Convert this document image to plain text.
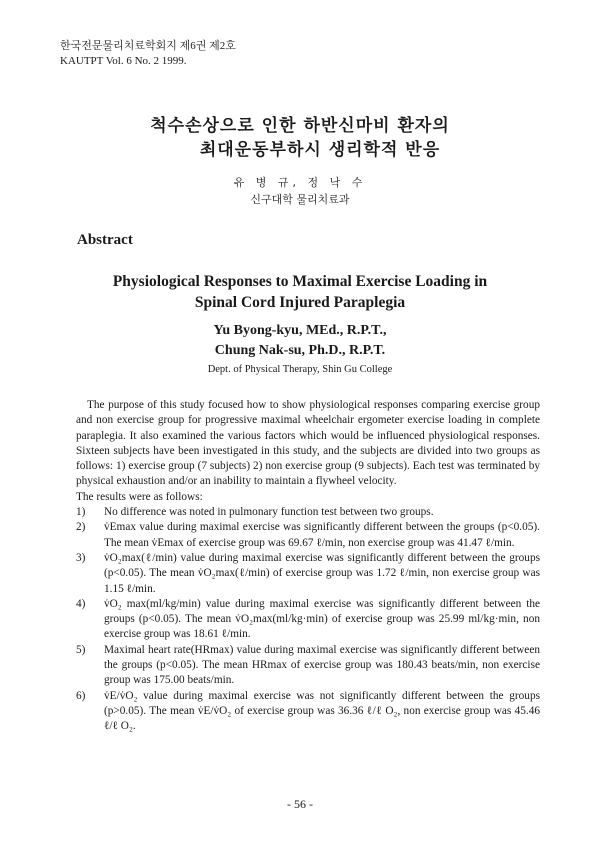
한국전문물리치료학회지 제6권 제2호
KAUTPT Vol. 6 No. 2 1999.
척수손상으로 인한 하반신마비 환자의
최대운동부하시 생리학적 반응
유 병 규, 정 낙 수
신구대학 물리치료과
Abstract
Physiological Responses to Maximal Exercise Loading in
Spinal Cord Injured Paraplegia
Yu Byong-kyu, MEd., R.P.T.,
Chung Nak-su, Ph.D., R.P.T.
Dept. of Physical Therapy, Shin Gu College

The purpose of this study focused how to show physiological responses comparing exercise group and non exercise group for progressive maximal wheelchair ergometer exercise loading in complete paraplegia. It also examined the various factors which would be influenced physiological responses. Sixteen subjects have been investigated in this study, and the subjects are divided into two groups as follows: 1) exercise group (7 subjects) 2) non exercise group (9 subjects). Each test was terminated by physical exhaustion and/or an inability to maintain a flywheel velocity.

The results were as follows:
1) No difference was noted in pulmonary function test between two groups.
2) v̇Emax value during maximal exercise was significantly different between the groups (p<0.05). The mean v̇Emax of exercise group was 69.67 ℓ/min, non exercise group was 41.47 ℓ/min.
3) v̇O₂max(ℓ/min) value during maximal exercise was significantly different between the groups (p<0.05). The mean v̇O₂max(ℓ/min) of exercise group was 1.72 ℓ/min, non exercise group was 1.15 ℓ/min.
4) v̇O₂ max(ml/kg/min) value during maximal exercise was significantly different between the groups (p<0.05). The mean v̇O₂max(ml/kg·min) of exercise group was 25.99 ml/kg·min, non exercise group was 18.61 ℓ/min.
5) Maximal heart rate(HRmax) value during maximal exercise was significantly different between the groups (p<0.05). The mean HRmax of exercise group was 180.43 beats/min, non exercise group was 175.00 beats/min.
6) v̇E/v̇O₂ value during maximal exercise was not significantly different between the groups (p>0.05). The mean v̇E/v̇O₂ of exercise group was 36.36 ℓ/ℓ O₂, non exercise group was 45.46 ℓ/ℓ O₂.
- 56 -
